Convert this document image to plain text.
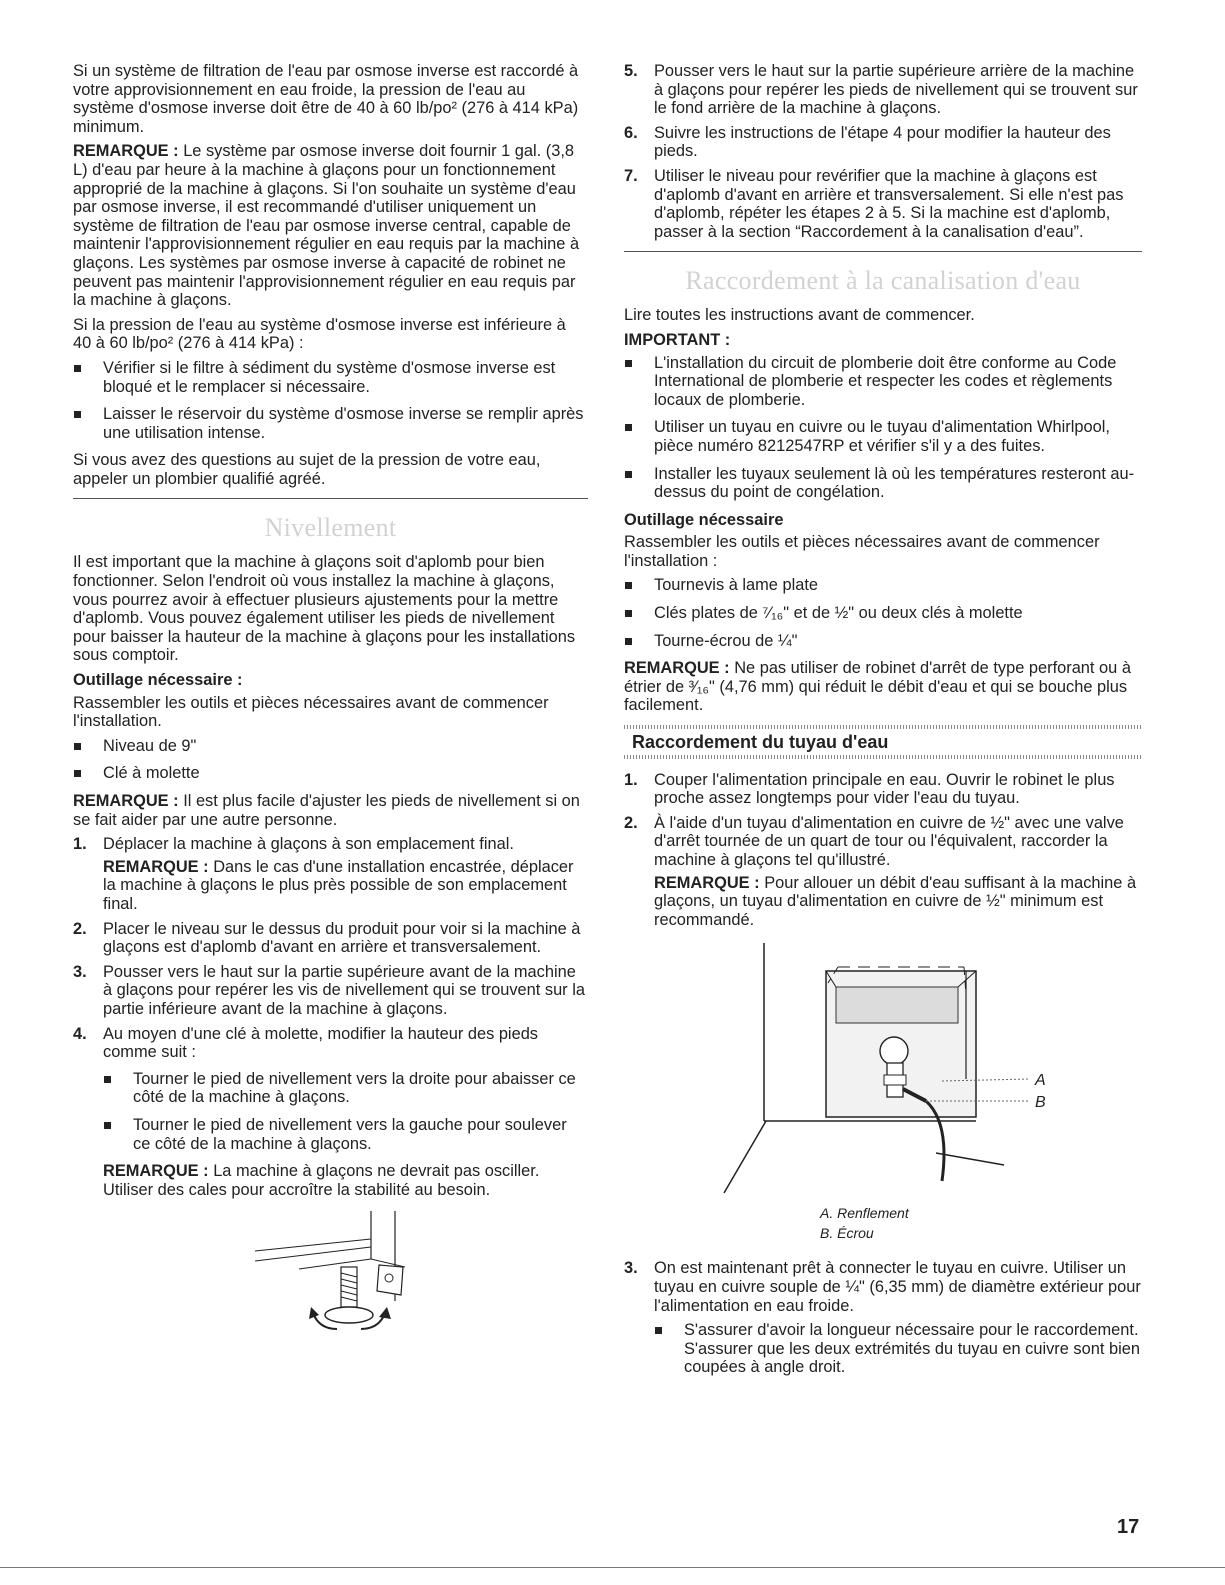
Si un système de filtration de l'eau par osmose inverse est raccordé à votre approvisionnement en eau froide, la pression de l'eau au système d'osmose inverse doit être de 40 à 60 lb/po² (276 à 414 kPa) minimum.

REMARQUE : Le système par osmose inverse doit fournir 1 gal. (3,8 L) d'eau par heure à la machine à glaçons pour un fonctionnement approprié de la machine à glaçons. Si l'on souhaite un système d'eau par osmose inverse, il est recommandé d'utiliser uniquement un système de filtration de l'eau par osmose inverse central, capable de maintenir l'approvisionnement régulier en eau requis par la machine à glaçons. Les systèmes par osmose inverse à capacité de robinet ne peuvent pas maintenir l'approvisionnement régulier en eau requis par la machine à glaçons.

Si la pression de l'eau au système d'osmose inverse est inférieure à 40 à 60 lb/po² (276 à 414 kPa) :

Vérifier si le filtre à sédiment du système d'osmose inverse est bloqué et le remplacer si nécessaire.
Laisser le réservoir du système d'osmose inverse se remplir après une utilisation intense.

Si vous avez des questions au sujet de la pression de votre eau, appeler un plombier qualifié agréé.

Nivellement

Il est important que la machine à glaçons soit d'aplomb pour bien fonctionner. Selon l'endroit où vous installez la machine à glaçons, vous pourrez avoir à effectuer plusieurs ajustements pour la mettre d'aplomb. Vous pouvez également utiliser les pieds de nivellement pour baisser la hauteur de la machine à glaçons pour les installations sous comptoir.

Outillage nécessaire :

Rassembler les outils et pièces nécessaires avant de commencer l'installation.

Niveau de 9"
Clé à molette

REMARQUE : Il est plus facile d'ajuster les pieds de nivellement si on se fait aider par une autre personne.

1. Déplacer la machine à glaçons à son emplacement final.
REMARQUE : Dans le cas d'une installation encastrée, déplacer la machine à glaçons le plus près possible de son emplacement final.
2. Placer le niveau sur le dessus du produit pour voir si la machine à glaçons est d'aplomb d'avant en arrière et transversalement.
3. Pousser vers le haut sur la partie supérieure avant de la machine à glaçons pour repérer les vis de nivellement qui se trouvent sur la partie inférieure avant de la machine à glaçons.
4. Au moyen d'une clé à molette, modifier la hauteur des pieds comme suit :
Tourner le pied de nivellement vers la droite pour abaisser ce côté de la machine à glaçons.
Tourner le pied de nivellement vers la gauche pour soulever ce côté de la machine à glaçons.
REMARQUE : La machine à glaçons ne devrait pas osciller. Utiliser des cales pour accroître la stabilité au besoin.
5. Pousser vers le haut sur la partie supérieure arrière de la machine à glaçons pour repérer les pieds de nivellement qui se trouvent sur le fond arrière de la machine à glaçons.
6. Suivre les instructions de l'étape 4 pour modifier la hauteur des pieds.
7. Utiliser le niveau pour revérifier que la machine à glaçons est d'aplomb d'avant en arrière et transversalement. Si elle n'est pas d'aplomb, répéter les étapes 2 à 5. Si la machine est d'aplomb, passer à la section “Raccordement à la canalisation d'eau”.
Raccordement à la canalisation d'eau

Lire toutes les instructions avant de commencer.

IMPORTANT :
L'installation du circuit de plomberie doit être conforme au Code International de plomberie et respecter les codes et règlements locaux de plomberie.
Utiliser un tuyau en cuivre ou le tuyau d'alimentation Whirlpool, pièce numéro 8212547RP et vérifier s'il y a des fuites.
Installer les tuyaux seulement là où les températures resteront au-dessus du point de congélation.
Outillage nécessaire

Rassembler les outils et pièces nécessaires avant de commencer l'installation :

Tournevis à lame plate
Clés plates de ⁷⁄₁₆" et de ½" ou deux clés à molette
Tourne-écrou de ¼"

REMARQUE : Ne pas utiliser de robinet d'arrêt de type perforant ou à étrier de ³⁄₁₆" (4,76 mm) qui réduit le débit d'eau et qui se bouche plus facilement.

Raccordement du tuyau d'eau
1. Couper l'alimentation principale en eau. Ouvrir le robinet le plus proche assez longtemps pour vider l'eau du tuyau.
2. À l'aide d'un tuyau d'alimentation en cuivre de ½" avec une valve d'arrêt tournée de un quart de tour ou l'équivalent, raccorder la machine à glaçons tel qu'illustré.
REMARQUE : Pour allouer un débit d'eau suffisant à la machine à glaçons, un tuyau d'alimentation en cuivre de ½" minimum est recommandé.
A
B
A. Renflement
B. Écrou
3. On est maintenant prêt à connecter le tuyau en cuivre. Utiliser un tuyau en cuivre souple de ¼" (6,35 mm) de diamètre extérieur pour l'alimentation en eau froide.
S'assurer d'avoir la longueur nécessaire pour le raccordement. S'assurer que les deux extrémités du tuyau en cuivre sont bien coupées à angle droit.
17
